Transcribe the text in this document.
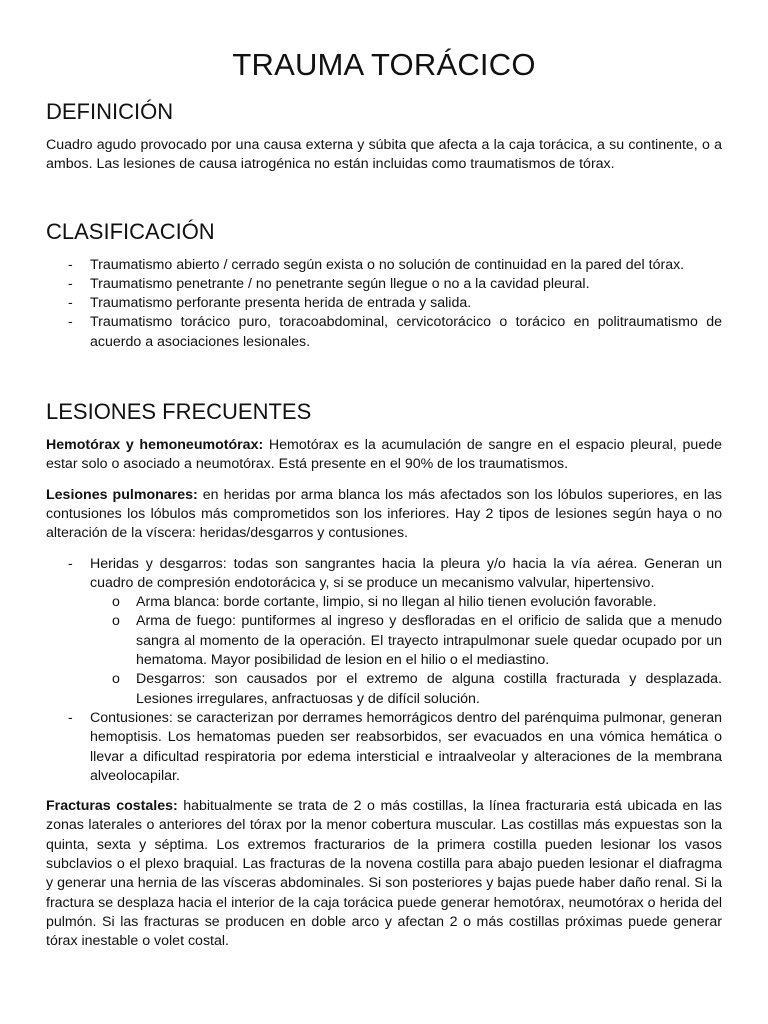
TRAUMA TORÁCICO
DEFINICIÓN

Cuadro agudo provocado por una causa externa y súbita que afecta a la caja torácica, a su continente, o a ambos. Las lesiones de causa iatrogénica no están incluidas como traumatismos de tórax.

CLASIFICACIÓN
- Traumatismo abierto / cerrado según exista o no solución de continuidad en la pared del tórax.
- Traumatismo penetrante / no penetrante según llegue o no a la cavidad pleural.
- Traumatismo perforante presenta herida de entrada y salida.
- Traumatismo torácico puro, toracoabdominal, cervicotorácico o torácico en politraumatismo de acuerdo a asociaciones lesionales.
LESIONES FRECUENTES

Hemotórax y hemoneumotórax: Hemotórax es la acumulación de sangre en el espacio pleural, puede estar solo o asociado a neumotórax. Está presente en el 90% de los traumatismos.

Lesiones pulmonares: en heridas por arma blanca los más afectados son los lóbulos superiores, en las contusiones los lóbulos más comprometidos son los inferiores. Hay 2 tipos de lesiones según haya o no alteración de la víscera: heridas/desgarros y contusiones.

- Heridas y desgarros: todas son sangrantes hacia la pleura y/o hacia la vía aérea. Generan un cuadro de compresión endotorácica y, si se produce un mecanismo valvular, hipertensivo.
o Arma blanca: borde cortante, limpio, si no llegan al hilio tienen evolución favorable.
o Arma de fuego: puntiformes al ingreso y desfloradas en el orificio de salida que a menudo sangra al momento de la operación. El trayecto intrapulmonar suele quedar ocupado por un hematoma. Mayor posibilidad de lesion en el hilio o el mediastino.
o Desgarros: son causados por el extremo de alguna costilla fracturada y desplazada. Lesiones irregulares, anfractuosas y de difícil solución.
- Contusiones: se caracterizan por derrames hemorrágicos dentro del parénquima pulmonar, generan hemoptisis. Los hematomas pueden ser reabsorbidos, ser evacuados en una vómica hemática o llevar a dificultad respiratoria por edema intersticial e intraalveolar y alteraciones de la membrana alveolocapilar.

Fracturas costales: habitualmente se trata de 2 o más costillas, la línea fracturaria está ubicada en las zonas laterales o anteriores del tórax por la menor cobertura muscular. Las costillas más expuestas son la quinta, sexta y séptima. Los extremos fracturarios de la primera costilla pueden lesionar los vasos subclavios o el plexo braquial. Las fracturas de la novena costilla para abajo pueden lesionar el diafragma y generar una hernia de las vísceras abdominales. Si son posteriores y bajas puede haber daño renal. Si la fractura se desplaza hacia el interior de la caja torácica puede generar hemotórax, neumotórax o herida del pulmón. Si las fracturas se producen en doble arco y afectan 2 o más costillas próximas puede generar tórax inestable o volet costal.
